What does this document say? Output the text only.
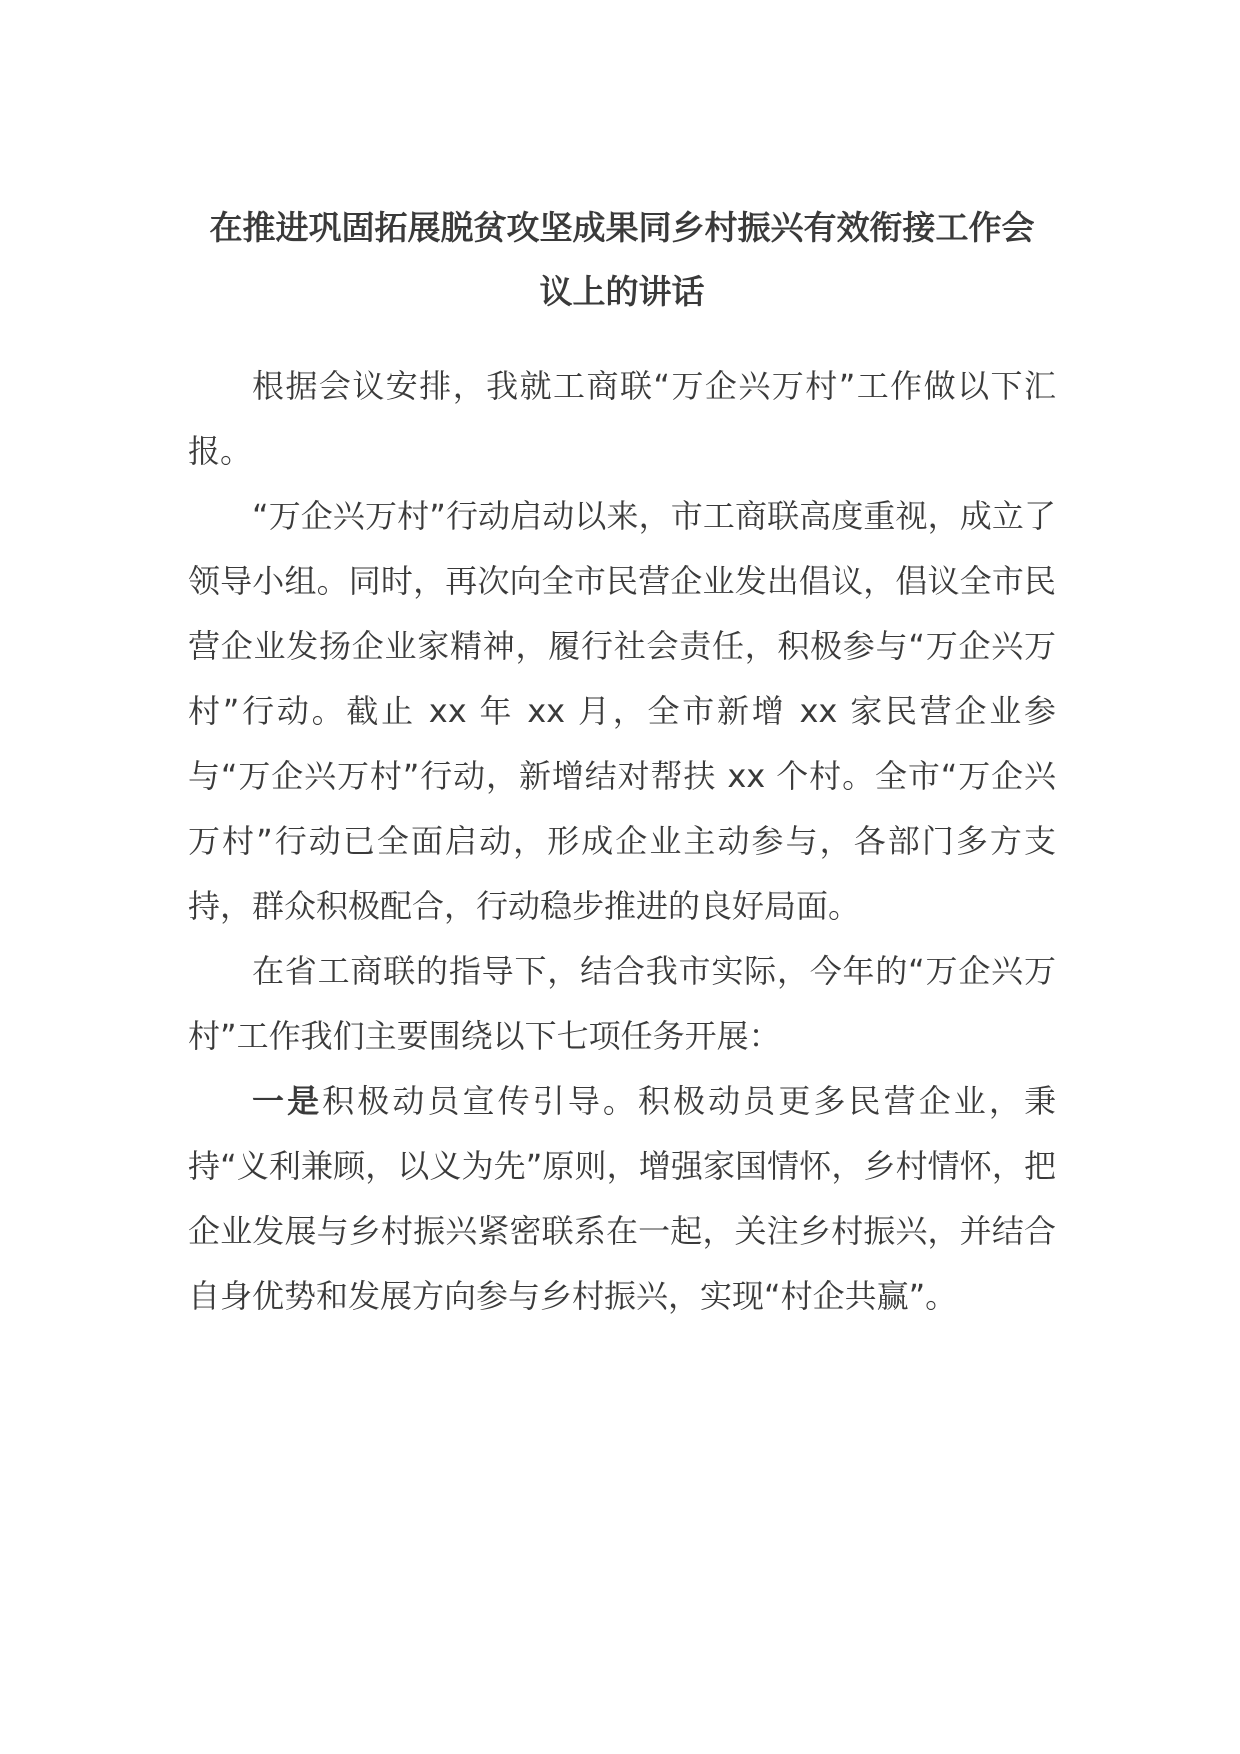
在推进巩固拓展脱贫攻坚成果同乡村振兴有效衔接工作会
议上的讲话

根据会议安排，我就工商联“万企兴万村”工作做以下汇报。

“万企兴万村”行动启动以来，市工商联高度重视，成立了领导小组。同时，再次向全市民营企业发出倡议，倡议全市民营企业发扬企业家精神，履行社会责任，积极参与“万企兴万村”行动。截止 xx 年 xx 月，全市新增 xx 家民营企业参与“万企兴万村”行动，新增结对帮扶 xx 个村。全市“万企兴万村”行动已全面启动，形成企业主动参与，各部门多方支持，群众积极配合，行动稳步推进的良好局面。

在省工商联的指导下，结合我市实际，今年的“万企兴万村”工作我们主要围绕以下七项任务开展：

一是积极动员宣传引导。积极动员更多民营企业，秉持“义利兼顾，以义为先”原则，增强家国情怀，乡村情怀，把企业发展与乡村振兴紧密联系在一起，关注乡村振兴，并结合自身优势和发展方向参与乡村振兴，实现“村企共赢”。
